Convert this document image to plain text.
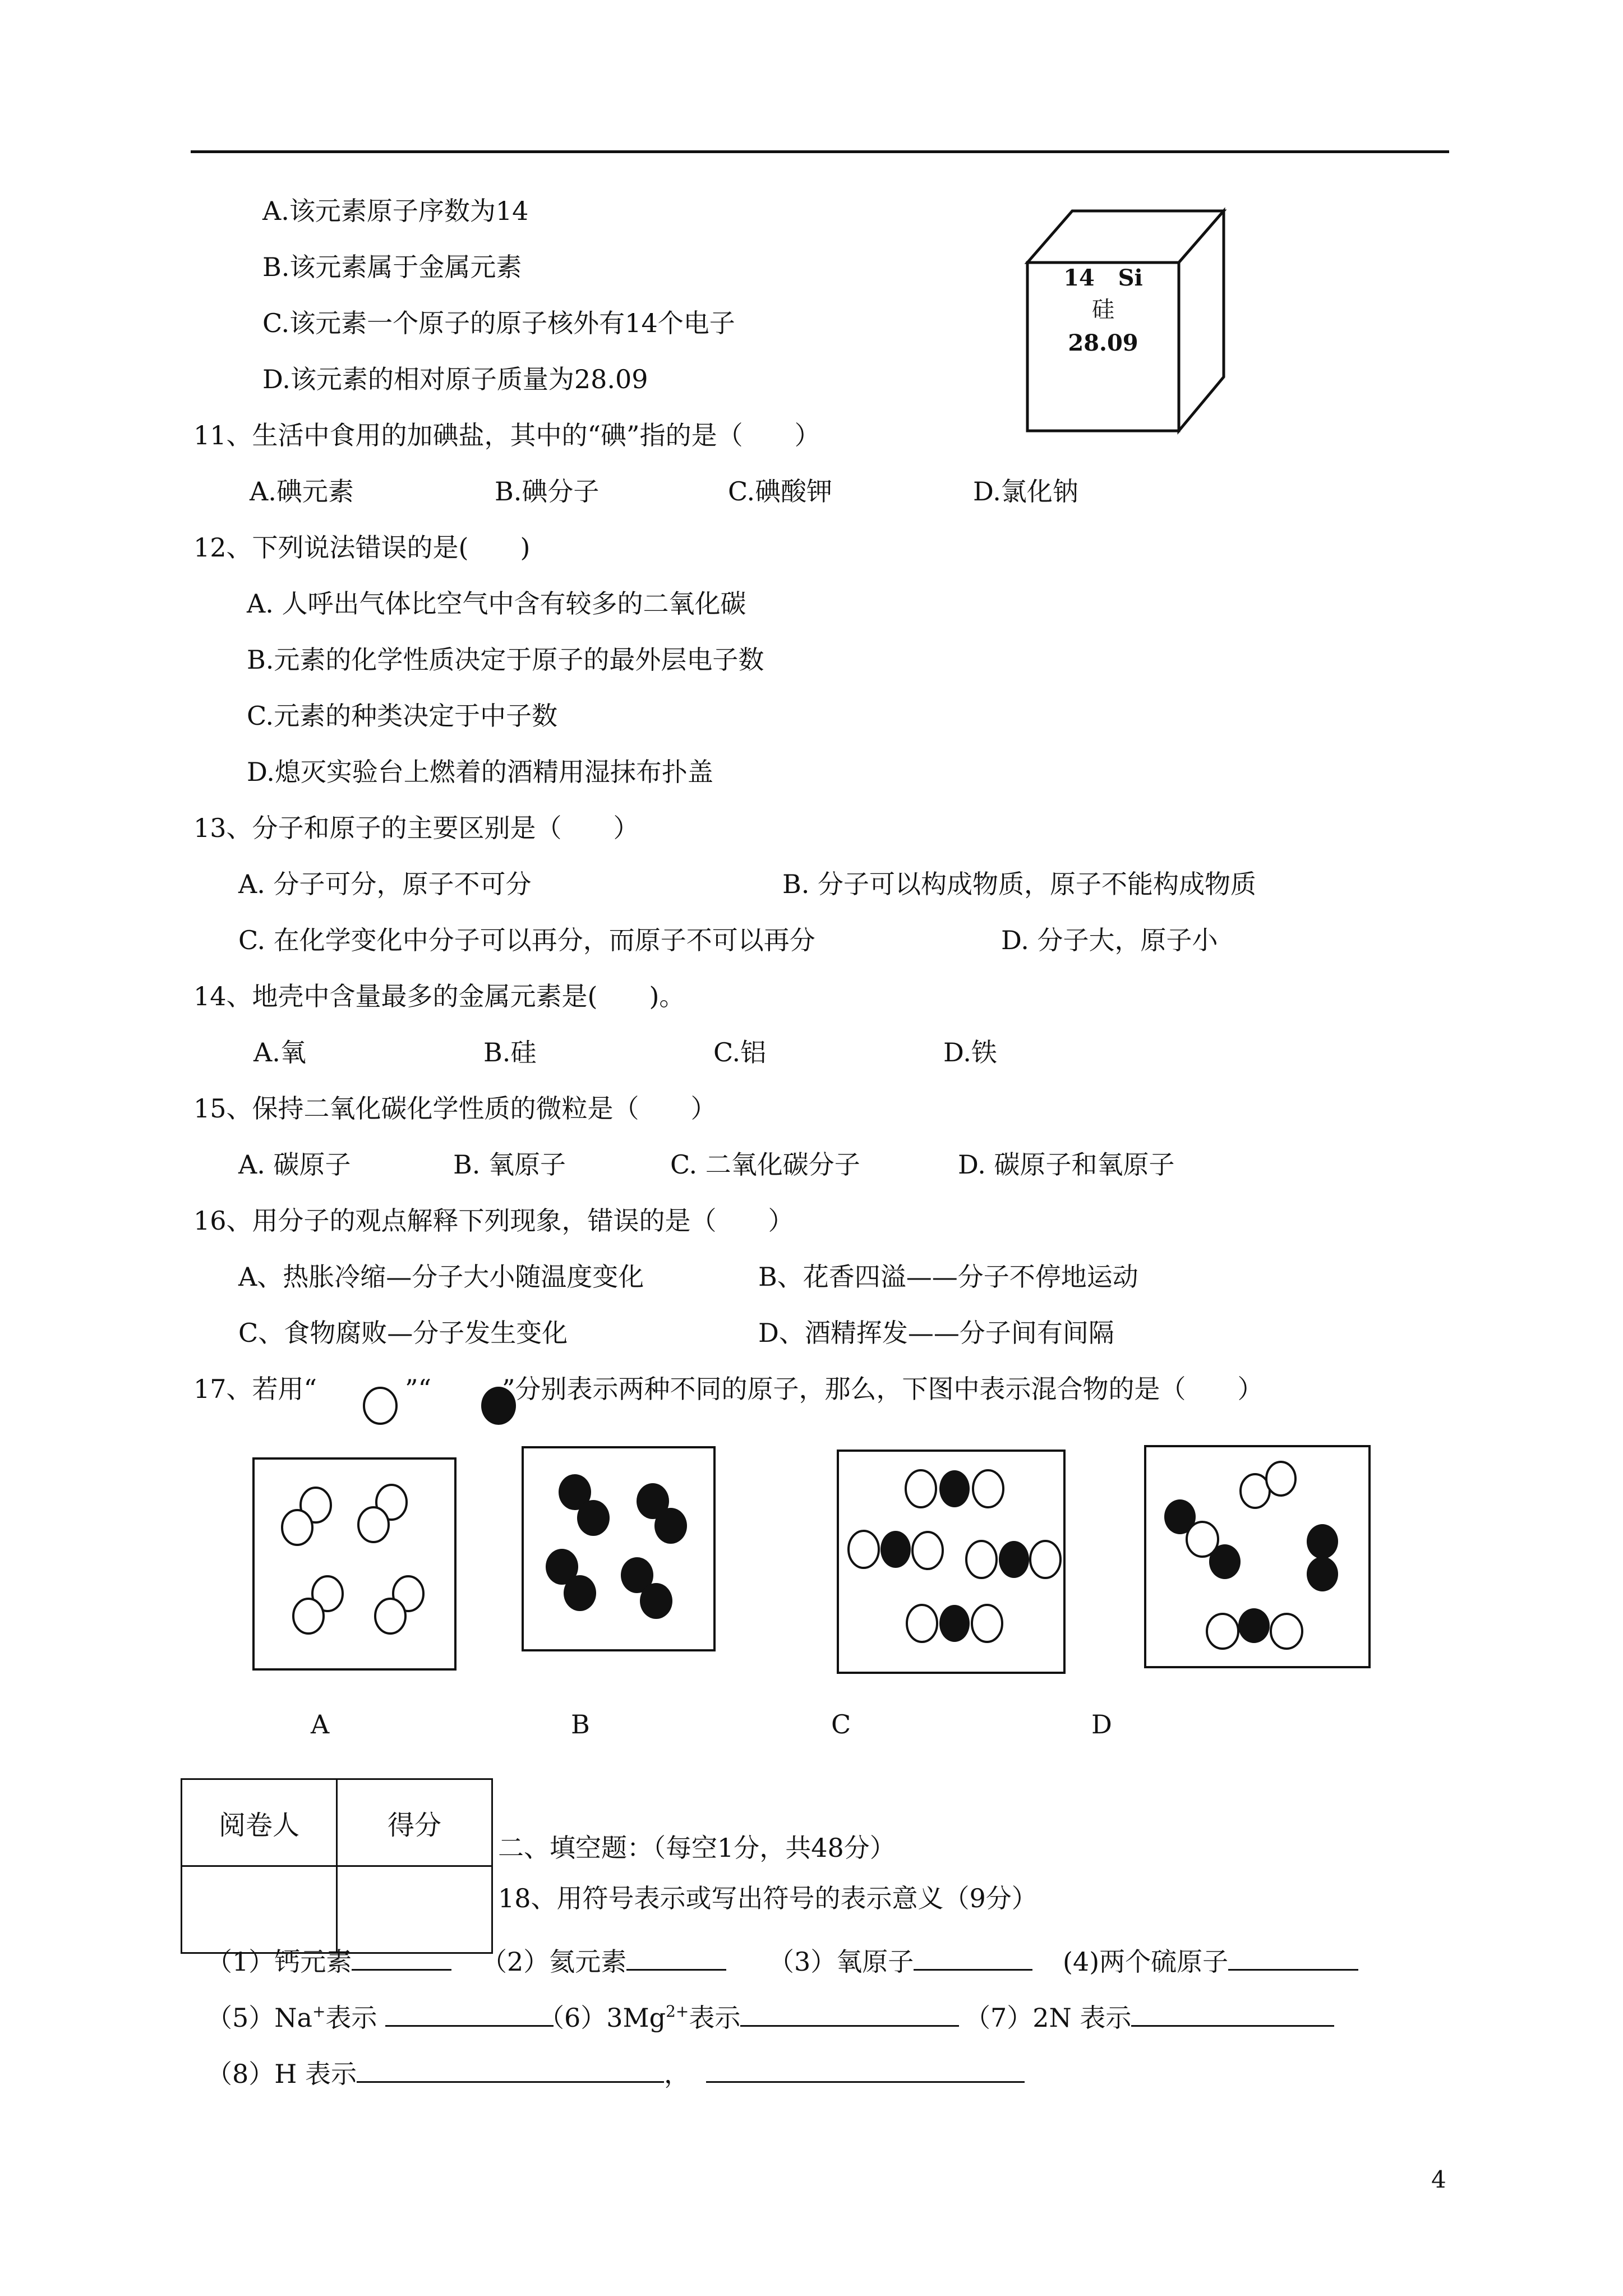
A.该元素原子序数为14
B.该元素属于金属元素
C.该元素一个原子的原子核外有14个电子
D.该元素的相对原子质量为28.09
14 Si
硅
28.09
11、生活中食用的加碘盐，其中的“碘”指的是（　　）
A.碘元素	B.碘分子	C.碘酸钾	D.氯化钠
12、下列说法错误的是(　　)
A. 人呼出气体比空气中含有较多的二氧化碳
B.元素的化学性质决定于原子的最外层电子数
C.元素的种类决定于中子数
D.熄灭实验台上燃着的酒精用湿抹布扑盖
13、分子和原子的主要区别是（　　）
A. 分子可分，原子不可分	B. 分子可以构成物质，原子不能构成物质
C. 在化学变化中分子可以再分，而原子不可以再分	D. 分子大，原子小
14、地壳中含量最多的金属元素是(　　)。
A.氧	B.硅	C.铝	D.铁
15、保持二氧化碳化学性质的微粒是（　　）
A. 碳原子	B. 氧原子	C. 二氧化碳分子	D. 碳原子和氧原子
16、用分子的观点解释下列现象，错误的是（　　）
A、热胀冷缩—分子大小随温度变化	B、花香四溢——分子不停地运动
C、食物腐败—分子发生变化	D、酒精挥发——分子间有间隔
17、若用“	”“	”分别表示两种不同的原子，那么，下图中表示混合物的是（　　）
A	B	C	D
阅卷人	得分

二、填空题：（每空1分，共48分）
18、用符号表示或写出符号的表示意义（9分）
（1）钙元素	（2）氦元素	（3）氧原子	(4)两个硫原子
（5）Na+表示	$(6)3Mg^{2+}$表示	（7）2N 表示
（8）H 表示	，
4
